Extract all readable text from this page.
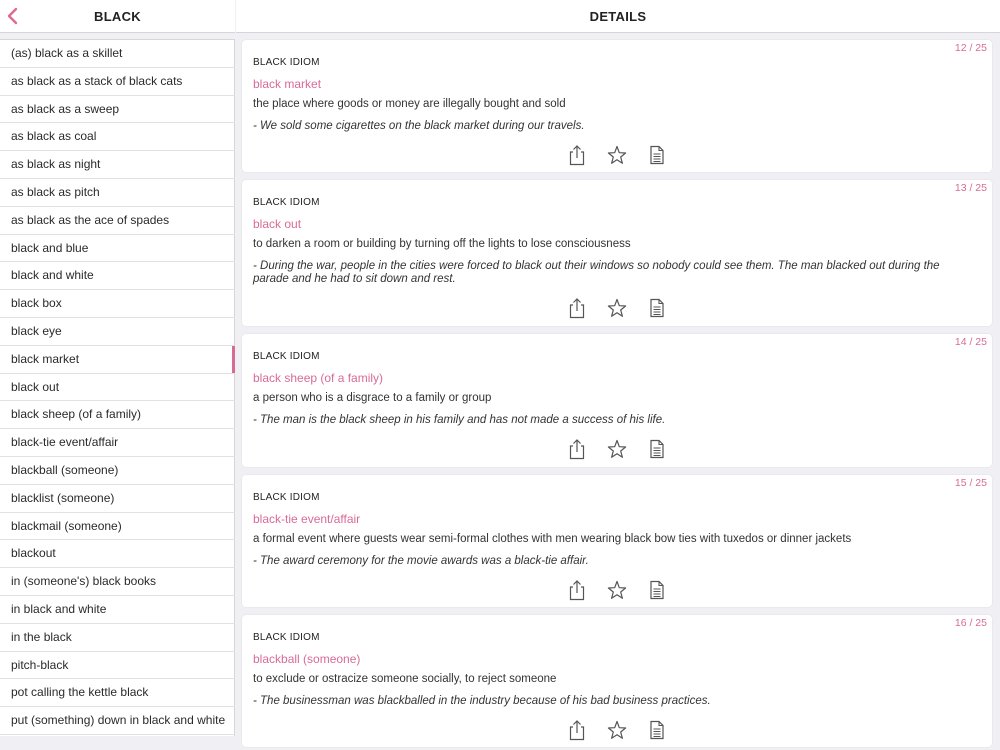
BLACK
(as) black as a skillet
as black as a stack of black cats
as black as a sweep
as black as coal
as black as night
as black as pitch
as black as the ace of spades
black and blue
black and white
black box
black eye
black market
black out
black sheep (of a family)
black-tie event/affair
blackball (someone)
blacklist (someone)
blackmail (someone)
blackout
in (someone's) black books
in black and white
in the black
pitch-black
pot calling the kettle black
put (something) down in black and white
DETAILS
12 / 25
BLACK IDIOM
black market
the place where goods or money are illegally bought and sold
- We sold some cigarettes on the black market during our travels.
13 / 25
BLACK IDIOM
black out
to darken a room or building by turning off the lights to lose consciousness
- During the war, people in the cities were forced to black out their windows so nobody could see them. The man blacked out during the parade and he had to sit down and rest.
14 / 25
BLACK IDIOM
black sheep (of a family)
a person who is a disgrace to a family or group
- The man is the black sheep in his family and has not made a success of his life.
15 / 25
BLACK IDIOM
black-tie event/affair
a formal event where guests wear semi-formal clothes with men wearing black bow ties with tuxedos or dinner jackets
- The award ceremony for the movie awards was a black-tie affair.
16 / 25
BLACK IDIOM
blackball (someone)
to exclude or ostracize someone socially, to reject someone
- The businessman was blackballed in the industry because of his bad business practices.
